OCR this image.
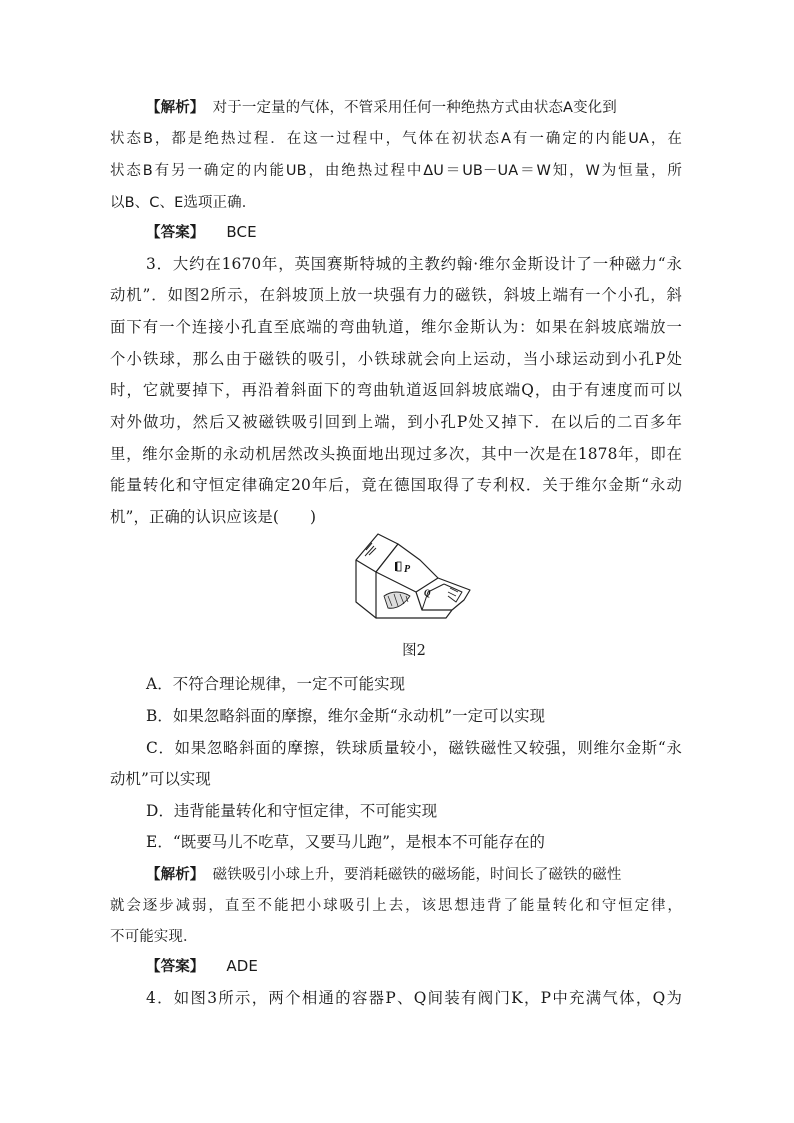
【解析】　 对于一定量的气体，不管采用任何一种绝热方式由状态A变化到
状态B，都是绝热过程．在这一过程中，气体在初状态A有一确定的内能UA，在
状态B有另一确定的内能UB，由绝热过程中ΔU＝UB－UA＝W知，W为恒量，所
以B、C、E选项正确．
【答案】 BCE
3．大约在1670年，英国赛斯特城的主教约翰·维尔金斯设计了一种磁力“永
动机”．如图2所示，在斜坡顶上放一块强有力的磁铁，斜坡上端有一个小孔，斜
面下有一个连接小孔直至底端的弯曲轨道，维尔金斯认为：如果在斜坡底端放一
个小铁球，那么由于磁铁的吸引，小铁球就会向上运动，当小球运动到小孔P处
时，它就要掉下，再沿着斜面下的弯曲轨道返回斜坡底端Q，由于有速度而可以
对外做功，然后又被磁铁吸引回到上端，到小孔P处又掉下．在以后的二百多年
里，维尔金斯的永动机居然改头换面地出现过多次，其中一次是在1878年，即在
能量转化和守恒定律确定20年后，竟在德国取得了专利权．关于维尔金斯“永动
机”，正确的认识应该是(　　)
P
Q
图2
A．不符合理论规律，一定不可能实现
B．如果忽略斜面的摩擦，维尔金斯“永动机”一定可以实现
C．如果忽略斜面的摩擦，铁球质量较小，磁铁磁性又较强，则维尔金斯“永
动机”可以实现
D．违背能量转化和守恒定律，不可能实现
E．“既要马儿不吃草，又要马儿跑”，是根本不可能存在的
【解析】　 磁铁吸引小球上升，要消耗磁铁的磁场能，时间长了磁铁的磁性
就会逐步减弱，直至不能把小球吸引上去，该思想违背了能量转化和守恒定律，
不可能实现．
【答案】 ADE
4．如图3所示，两个相通的容器P、Q间装有阀门K，P中充满气体，Q为
